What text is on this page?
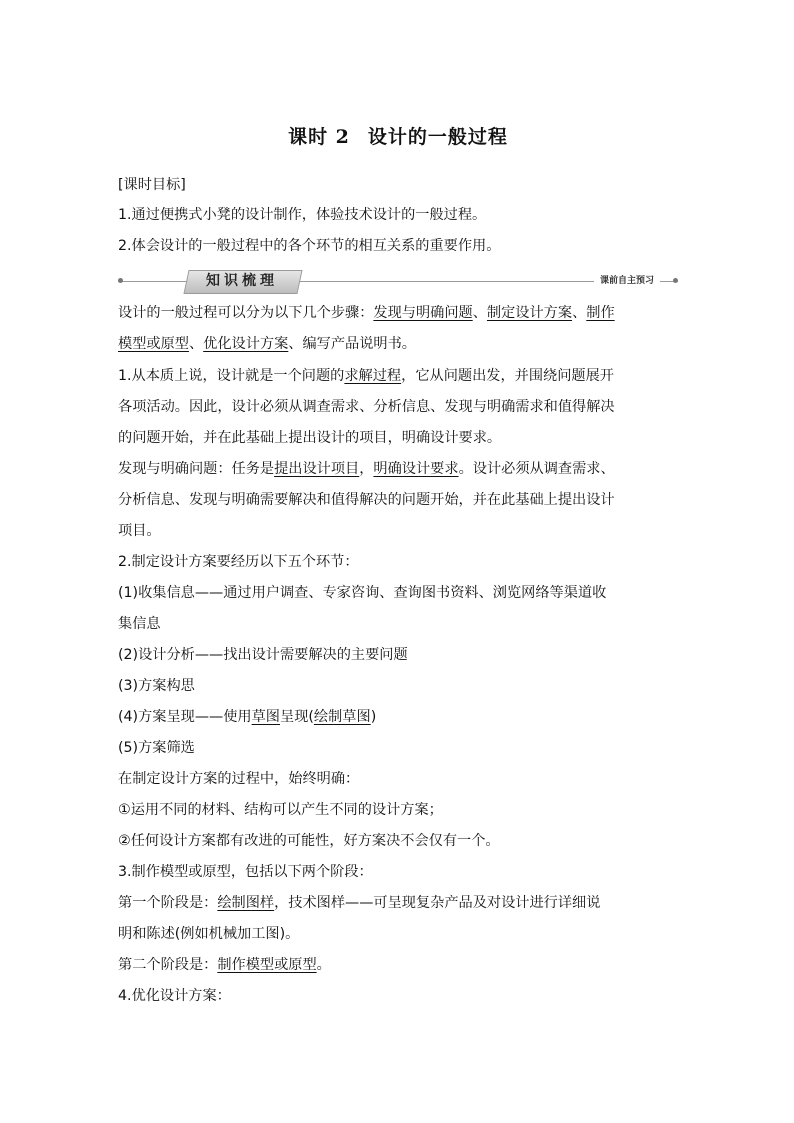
课时 2 设计的一般过程
[课时目标]
1.通过便携式小凳的设计制作，体验技术设计的一般过程。
2.体会设计的一般过程中的各个环节的相互关系的重要作用。
知识梳理	课前自主预习
设计的一般过程可以分为以下几个步骤：发现与明确问题、制定设计方案、制作
模型或原型、优化设计方案、编写产品说明书。
1.从本质上说，设计就是一个问题的求解过程，它从问题出发，并围绕问题展开
各项活动。因此，设计必须从调查需求、分析信息、发现与明确需求和值得解决
的问题开始，并在此基础上提出设计的项目，明确设计要求。
发现与明确问题：任务是提出设计项目，明确设计要求。设计必须从调查需求、
分析信息、发现与明确需要解决和值得解决的问题开始，并在此基础上提出设计
项目。
2.制定设计方案要经历以下五个环节：
(1)收集信息——通过用户调查、专家咨询、查询图书资料、浏览网络等渠道收
集信息
(2)设计分析——找出设计需要解决的主要问题
(3)方案构思
(4)方案呈现——使用草图呈现(绘制草图)
(5)方案筛选
在制定设计方案的过程中，始终明确：
①运用不同的材料、结构可以产生不同的设计方案；
②任何设计方案都有改进的可能性，好方案决不会仅有一个。
3.制作模型或原型，包括以下两个阶段：
第一个阶段是：绘制图样，技术图样——可呈现复杂产品及对设计进行详细说
明和陈述(例如机械加工图)。
第二个阶段是：制作模型或原型。
4.优化设计方案：
